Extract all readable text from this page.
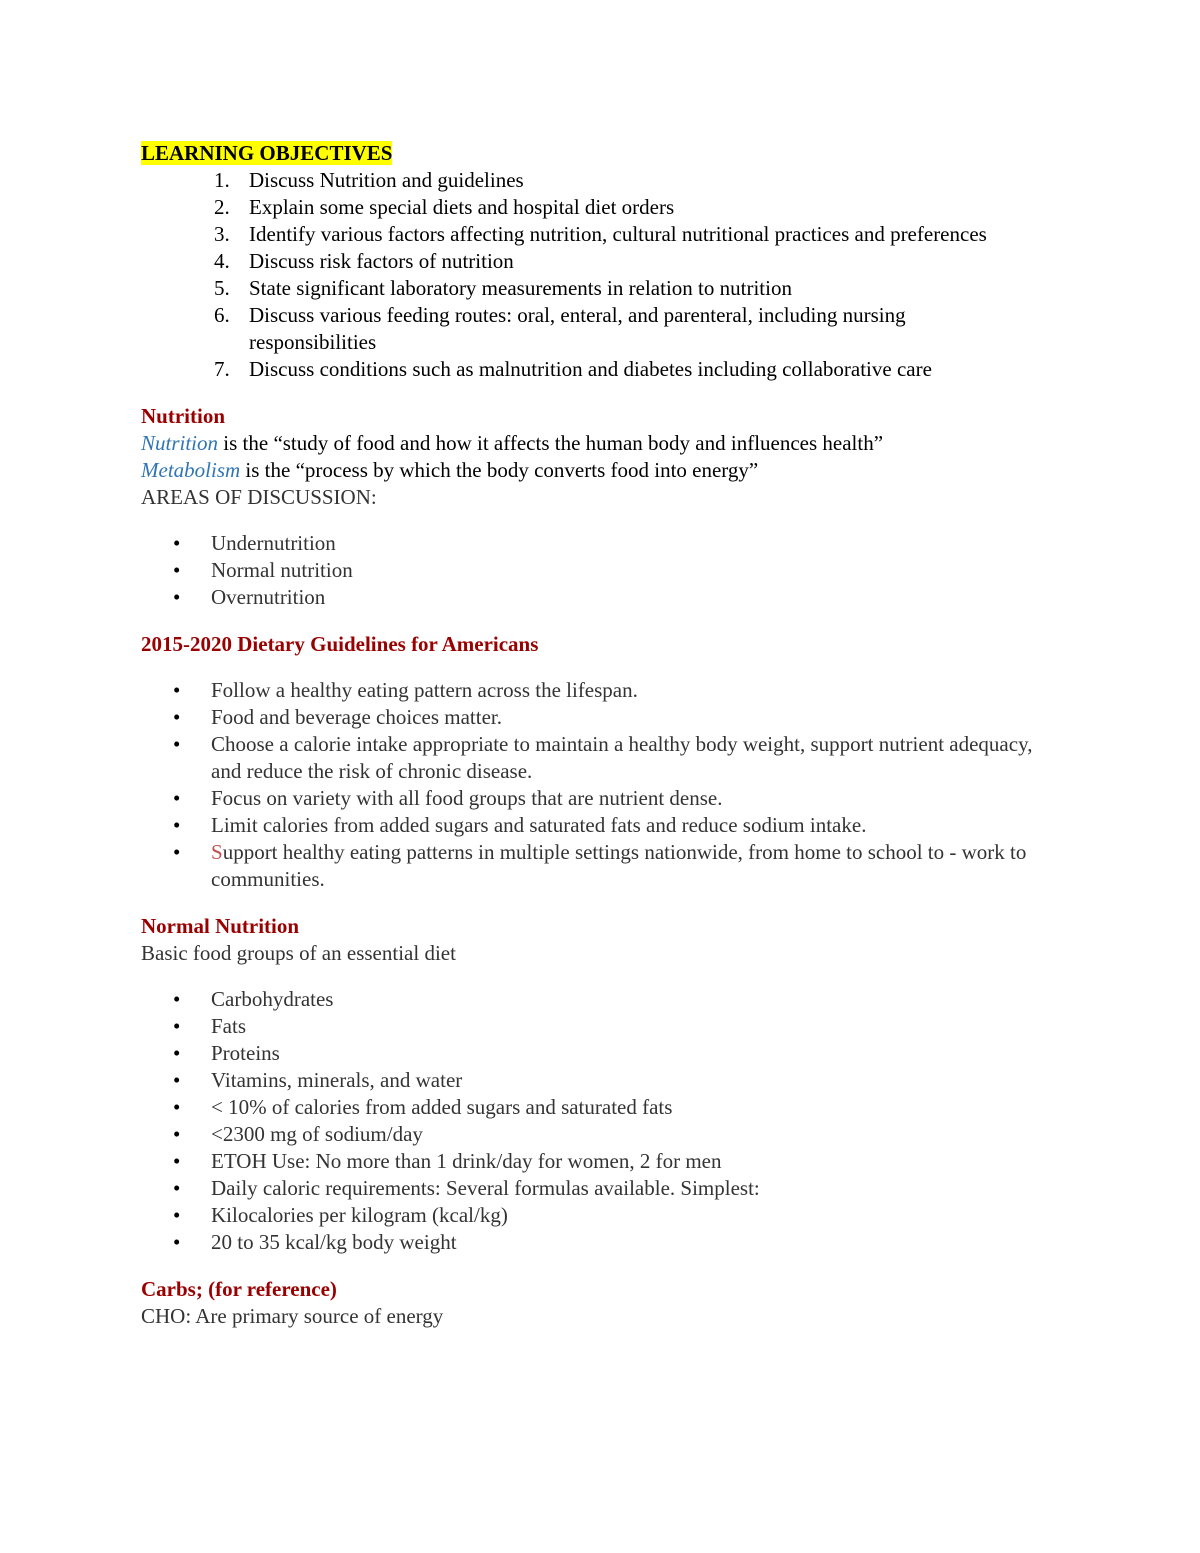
LEARNING OBJECTIVES
1. Discuss Nutrition and guidelines
2. Explain some special diets and hospital diet orders
3. Identify various factors affecting nutrition, cultural nutritional practices and preferences
4. Discuss risk factors of nutrition
5. State significant laboratory measurements in relation to nutrition
6. Discuss various feeding routes: oral, enteral, and parenteral, including nursing responsibilities
7. Discuss conditions such as malnutrition and diabetes including collaborative care
Nutrition
Nutrition is the “study of food and how it affects the human body and influences health”
Metabolism is the “process by which the body converts food into energy”
AREAS OF DISCUSSION:
• Undernutrition
• Normal nutrition
• Overnutrition
2015-2020 Dietary Guidelines for Americans
• Follow a healthy eating pattern across the lifespan.
• Food and beverage choices matter.
• Choose a calorie intake appropriate to maintain a healthy body weight, support nutrient adequacy, and reduce the risk of chronic disease.
• Focus on variety with all food groups that are nutrient dense.
• Limit calories from added sugars and saturated fats and reduce sodium intake.
• Support healthy eating patterns in multiple settings nationwide, from home to school to - work to communities.
Normal Nutrition
Basic food groups of an essential diet
• Carbohydrates
• Fats
• Proteins
• Vitamins, minerals, and water
• < 10% of calories from added sugars and saturated fats
• <2300 mg of sodium/day
• ETOH Use: No more than 1 drink/day for women, 2 for men
• Daily caloric requirements: Several formulas available. Simplest:
• Kilocalories per kilogram (kcal/kg)
• 20 to 35 kcal/kg body weight
Carbs; (for reference)
CHO: Are primary source of energy
